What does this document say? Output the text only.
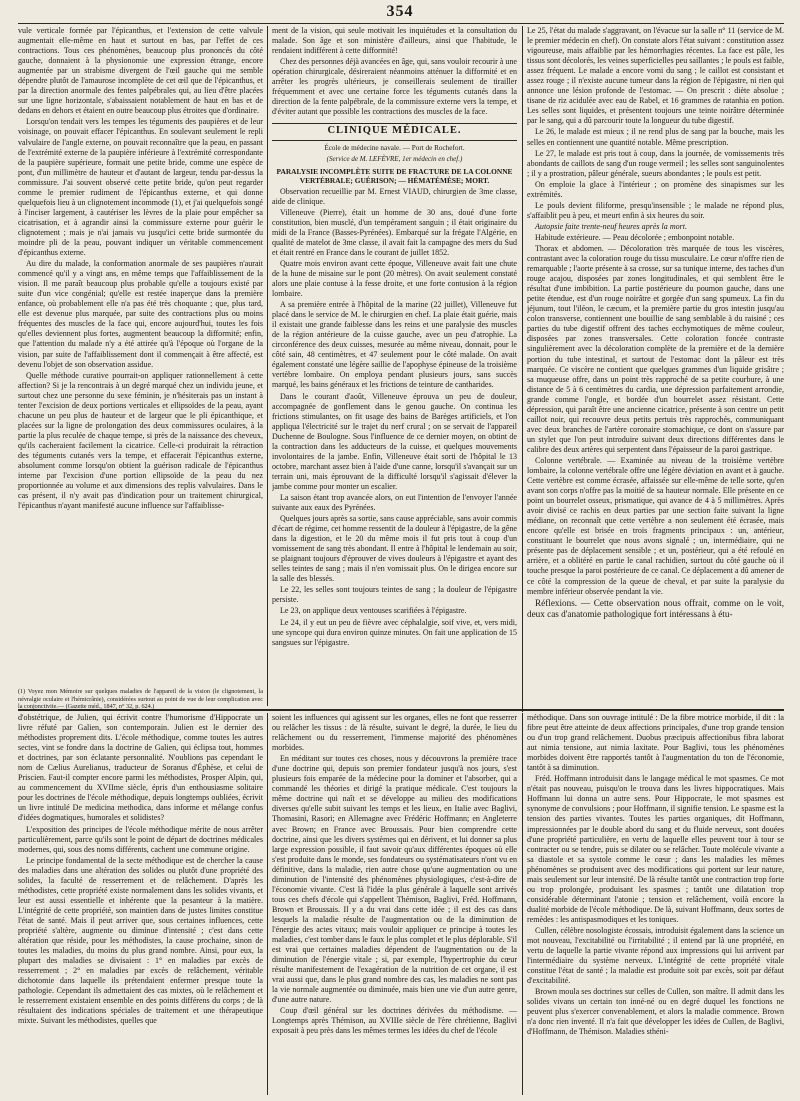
354

vule verticale formée par l'épicanthus, et l'extension de cette valvule augmentait elle-même en haut et surtout en bas, par l'effet de ces contractions. Tous ces phénomènes, beaucoup plus prononcés du côté gauche, donnaient à la physionomie une expression étrange, encore augmentée par un strabisme divergent de l'œil gauche qui me semble dépendre plutôt de l'amaurose incomplète de cet œil que de l'épicanthus, et par la direction anormale des fentes palpébrales qui, au lieu d'être placées sur une ligne horizontale, s'abaissaient notablement de haut en bas et de dedans en dehors et étaient en outre beaucoup plus étroites que d'ordinaire.

Lorsqu'on tendait vers les tempes les téguments des paupières et de leur voisinage, on pouvait effacer l'épicanthus. En soulevant seulement le repli valvulaire de l'angle externe, on pouvait reconnaître que la peau, en passant de l'extrémité externe de la paupière inférieure à l'extrémité correspondante de la paupière supérieure, formait une petite bride, comme une espèce de pont, d'un millimètre de hauteur et d'autant de largeur, tendu par-dessus la commissure. J'ai souvent observé cette petite bride, qu'on peut regarder comme le premier rudiment de l'épicanthus externe, et qui donne quelquefois lieu à un clignotement incommode (1), et j'ai quelquefois songé à l'inciser largement, à cautériser les lèvres de la plaie pour empêcher sa cicatrisation, et à agrandir ainsi la commissure externe pour guérir le clignotement ; mais je n'ai jamais vu jusqu'ici cette bride surmontée du moindre pli de la peau, pouvant indiquer un véritable commencement d'épicanthus externe.

Au dire du malade, la conformation anormale de ses paupières n'aurait commencé qu'il y a vingt ans, en même temps que l'affaiblissement de la vision. Il me paraît beaucoup plus probable qu'elle a toujours existé par suite d'un vice congénial; qu'elle est restée inaperçue dans la première enfance, où probablement elle n'a pas été très choquante ; que, plus tard, elle est devenue plus marquée, par suite des contractions plus ou moins fréquentes des muscles de la face qui, encore aujourd'hui, toutes les fois qu'elles deviennent plus fortes, augmentent beaucoup la difformité; enfin, que l'attention du malade n'y a été attirée qu'à l'époque où l'organe de la vision, par suite de l'affaiblissement dont il commençait à être affecté, est devenu l'objet de son observation assidue.

Quelle méthode curative pourrait-on appliquer rationnellement à cette affection? Si je la rencontrais à un degré marqué chez un individu jeune, et surtout chez une personne du sexe féminin, je n'hésiterais pas un instant à tenter l'excision de deux portions verticales et ellipsoïdes de la peau, ayant chacune un peu plus de hauteur et de largeur que le pli épicanthique, et placées sur la ligne de prolongation des deux commissures oculaires, à la partie la plus reculée de chaque tempe, si près de la naissance des cheveux, qu'ils cacheraient facilement la cicatrice. Celle-ci produirait la rétraction des téguments cutanés vers la tempe, et effacerait l'épicanthus externe, absolument comme lorsqu'on obtient la guérison radicale de l'épicanthus interne par l'excision d'une portion ellipsoïde de la peau du nez proportionnée au volume et aux dimensions des replis valvulaires. Dans le cas présent, il n'y avait pas d'indication pour un traitement chirurgical, l'épicanthus n'ayant manifesté aucune influence sur l'affaiblisse-

(1) Voyez mon Mémoire sur quelques maladies de l'appareil de la vision (le clignotement, la névralgie oculaire et l'hémicrânie), considérées surtout au point de vue de leur complication avec la conjonctivite.— (Gazette méd., 1847, n° 32, p. 624.)

ment de la vision, qui seule motivait les inquiétudes et la consultation du malade. Son âge et son ministère d'ailleurs, ainsi que l'habitude, le rendaient indifférent à cette difformité!

Chez des personnes déjà avancées en âge, qui, sans vouloir recourir à une opération chirurgicale, désireraient néanmoins atténuer la difformité et en arrêter les progrès ultérieurs, je conseillerais seulement de tirailler fréquemment et avec une certaine force les téguments cutanés dans la direction de la fente palpébrale, de la commissure externe vers la tempe, et d'éviter autant que possible les contractions des muscles de la face.

CLINIQUE MÉDICALE.
École de médecine navale. — Port de Rochefort.
(Service de M. LEFÈVRE, 1er médecin en chef.)
PARALYSIE INCOMPLÈTE SUITE DE FRACTURE DE LA COLONNE VERTÉBRALE; GUÉRISON; — HÉMATÉMÈSE; MORT.

Observation recueillie par M. Ernest VIAUD, chirurgien de 3me classe, aide de clinique.

Villeneuve (Pierre), était un homme de 30 ans, doué d'une forte constitution, bien musclé, d'un tempérament sanguin ; il était originaire du midi de la France (Basses-Pyrénées). Embarqué sur la frégate l'Algérie, en qualité de matelot de 3me classe, il avait fait la campagne des mers du Sud et était rentré en France dans le courant de juillet 1852.

Quatre mois environ avant cette époque, Villeneuve avait fait une chute de la hune de misaine sur le pont (20 mètres). On avait seulement constaté alors une plaie contuse à la fesse droite, et une forte contusion à la région lombaire.

A sa première entrée à l'hôpital de la marine (22 juillet), Villeneuve fut placé dans le service de M. le chirurgien en chef. La plaie était guérie, mais il existait une grande faiblesse dans les reins et une paralysie des muscles de la région antérieure de la cuisse gauche, avec un peu d'atrophie. La circonférence des deux cuisses, mesurée au même niveau, donnait, pour le côté sain, 48 centimètres, et 47 seulement pour le côté malade. On avait également constaté une légère saillie de l'apophyse épineuse de la troisième vertèbre lombaire. On employa pendant plusieurs jours, sans succès marqué, les bains généraux et les frictions de teinture de cantharides.

Dans le courant d'août, Villeneuve éprouva un peu de douleur, accompagnée de gonflement dans le genou gauche. On continua les frictions stimulantes, on fit usage des bains de Barèges artificiels, et l'on appliqua l'électricité sur le trajet du nerf crural ; on se servait de l'appareil Duchenne de Boulogne. Sous l'influence de ce dernier moyen, on obtint de la contraction dans les adducteurs de la cuisse, et quelques mouvements involontaires de la jambe. Enfin, Villeneuve était sorti de l'hôpital le 13 octobre, marchant assez bien à l'aide d'une canne, lorsqu'il s'avançait sur un terrain uni, mais éprouvant de la difficulté lorsqu'il s'agissait d'élever la jambe comme pour monter un escalier.

La saison étant trop avancée alors, on eut l'intention de l'envoyer l'année suivante aux eaux des Pyrénées.

Quelques jours après sa sortie, sans cause appréciable, sans avoir commis d'écart de régime, cet homme ressentit de la douleur à l'épigastre, de la gêne dans la digestion, et le 20 du même mois il fut pris tout à coup d'un vomissement de sang très abondant. Il entre à l'hôpital le lendemain au soir, se plaignant toujours d'éprouver de vives douleurs à l'épigastre et ayant des selles teintes de sang ; mais il n'en vomissait plus. On le dirigea encore sur la salle des blessés.

Le 22, les selles sont toujours teintes de sang ; la douleur de l'épigastre persiste.

Le 23, on applique deux ventouses scarifiées à l'épigastre.

Le 24, il y eut un peu de fièvre avec céphalalgie, soif vive, et, vers midi, une syncope qui dura environ quinze minutes. On fait une application de 15 sangsues sur l'épigastre.

Le 25, l'état du malade s'aggravant, on l'évacue sur la salle n° 11 (service de M. le premier médecin en chef). On constate alors l'état suivant : constitution assez vigoureuse, mais affaiblie par les hémorrhagies récentes. La face est pâle, les tissus sont décolorés, les veines superficielles peu saillantes ; le pouls est faible, assez fréquent. Le malade a encore vomi du sang ; le caillot est consistant et assez rouge ; il n'existe aucune tumeur dans la région de l'épigastre, ni rien qui annonce une lésion profonde de l'estomac. — On prescrit : diète absolue ; tisane de riz acidulée avec eau de Rabel, et 16 grammes de ratanhia en potion. Les selles sont liquides, et présentent toujours une teinte noirâtre déterminée par le sang, qui a dû parcourir toute la longueur du tube digestif.

Le 26, le malade est mieux ; il ne rend plus de sang par la bouche, mais les selles en contiennent une quantité notable. Même prescription.

Le 27, le malade est pris tout à coup, dans la journée, de vomissements très abondants de caillots de sang d'un rouge vermeil ; les selles sont sanguinolentes ; il y a prostration, pâleur générale, sueurs abondantes ; le pouls est petit.

On emploie la glace à l'intérieur ; on promène des sinapismes sur les extrémités.

Le pouls devient filiforme, presqu'insensible ; le malade ne répond plus, s'affaiblit peu à peu, et meurt enfin à six heures du soir.

Autopsie faite trente-neuf heures après la mort.

Habitude extérieure. — Peau décolorée ; embonpoint notable.

Thorax et abdomen. — Décoloration très marquée de tous les viscères, contrastant avec la coloration rouge du tissu musculaire. Le cœur n'offre rien de remarquable ; l'aorte présente à sa crosse, sur sa tunique interne, des taches d'un rouge acajou, disposées par zones longitudinales, et qui semblent être le résultat d'une imbibition. La partie postérieure du poumon gauche, dans une petite étendue, est d'un rouge noirâtre et gorgée d'un sang spumeux. La fin du jéjunum, tout l'iléon, le cæcum, et la première partie du gros intestin jusqu'au colon transverse, contiennent une bouillie de sang semblable à du raisiné ; ces parties du tube digestif offrent des taches ecchymotiques de même couleur, disposées par zones transversales. Cette coloration foncée contraste singulièrement avec la décoloration complète de la première et de la dernière portion du tube intestinal, et surtout de l'estomac dont la pâleur est très marquée. Ce viscère ne contient que quelques grammes d'un liquide grisâtre ; sa muqueuse offre, dans un point très rapproché de sa petite courbure, à une distance de 5 à 6 centimètres du cardia, une dépression parfaitement arrondie, grande comme l'ongle, et bordée d'un bourrelet assez résistant. Cette dépression, qui paraît être une ancienne cicatrice, présente à son centre un petit caillot noir, qui recouvre deux petits pertuis très rapprochés, communiquant avec deux branches de l'artère coronaire stomachique, ce dont on s'assure par un stylet que l'on peut introduire suivant deux directions différentes dans le calibre des deux artères qui serpentent dans l'épaisseur de la paroi gastrique.

Colonne vertébrale. — Examinée au niveau de la troisième vertèbre lombaire, la colonne vertébrale offre une légère déviation en avant et à gauche. Cette vertèbre est comme écrasée, affaissée sur elle-même de telle sorte, qu'en avant son corps n'offre pas la moitié de sa hauteur normale. Elle présente en ce point un bourrelet osseux, prismatique, qui avance de 4 à 5 millimètres. Après avoir divisé ce rachis en deux parties par une section faite suivant la ligne médiane, on reconnaît que cette vertèbre a non seulement été écrasée, mais encore qu'elle est brisée en trois fragments principaux : un, antérieur, constituant le bourrelet que nous avons signalé ; un, intermédiaire, qui ne présente pas de déplacement sensible ; et un, postérieur, qui a été refoulé en arrière, et a oblitéré en partie le canal rachidien, surtout du côté gauche où il touche presque la paroi postérieure de ce canal. Ce déplacement a dû amener de ce côté la compression de la queue de cheval, et par suite la paralysie du membre inférieur observée pendant la vie.

Réflexions. — Cette observation nous offrait, comme on le voit, deux cas d'anatomie pathologique fort intéressans à étu-

d'obstétrique, de Julien, qui écrivit contre l'humorisme d'Hippocrate un livre réfuté par Galien, son contemporain. Julien est le dernier des méthodistes proprement dits. L'école méthodique, comme toutes les autres sectes, vint se fondre dans la doctrine de Galien, qui éclipsa tout, hommes et doctrines, par son éclatante personnalité. N'oublions pas cependant le nom de Cælius Aurelianus, traducteur de Soranus d'Éphèse, et celui de Priscien. Faut-il compter encore parmi les méthodistes, Prosper Alpin, qui, au commencement du XVIIme siècle, épris d'un enthousiasme solitaire pour les doctrines de l'école méthodique, depuis longtemps oubliées, écrivit un livre intitulé De medicina methodica, dans informe et mélange confus d'idées dogmatiques, humorales et solidistes?

L'exposition des principes de l'école méthodique mérite de nous arrêter particulièrement, parce qu'ils sont le point de départ de doctrines médicales modernes, qui, sous des noms différents, cachent une commune origine.

Le principe fondamental de la secte méthodique est de chercher la cause des maladies dans une altération des solides ou plutôt d'une propriété des solides, la faculté de resserrement et de relâchement. D'après les méthodistes, cette propriété existe normalement dans les solides vivants, et leur est aussi essentielle et inhérente que la pesanteur à la matière. L'intégrité de cette propriété, son maintien dans de justes limites constitue l'état de santé. Mais il peut arriver que, sous certaines influences, cette propriété s'altère, augmente ou diminue d'intensité ; c'est dans cette altération que réside, pour les méthodistes, la cause prochaine, sinon de toutes les maladies, du moins du plus grand nombre. Ainsi, pour eux, la plupart des maladies se divisaient : 1° en maladies par excès de resserrement ; 2° en maladies par excès de relâchement, véritable dichotomie dans laquelle ils prétendaient enfermer presque toute la pathologie. Cependant ils admettaient des cas mixtes, où le relâchement et le resserrement existaient ensemble en des points différens du corps ; de là résultaient des indications spéciales de traitement et une thérapeutique mixte. Suivant les méthodistes, quelles que

soient les influences qui agissent sur les organes, elles ne font que resserrer ou relâcher les tissus : de là résulte, suivant le degré, la durée, le lieu du relâchement ou du resserrement, l'immense majorité des phénomènes morbides.

En méditant sur toutes ces choses, nous y découvrons la première trace d'une doctrine qui, depuis son premier fondateur jusqu'à nos jours, s'est plusieurs fois emparée de la médecine pour la dominer et l'absorber, qui a commandé les théories et dirigé la pratique médicale. C'est toujours la même doctrine qui naît et se développe au milieu des modifications diverses qu'elle subit suivant les temps et les lieux, en Italie avec Baglivi, Thomasini, Rasori; en Allemagne avec Frédéric Hoffmann; en Angleterre avec Brown; en France avec Broussais. Pour bien comprendre cette doctrine, ainsi que les divers systèmes qui en dérivent, et lui donner sa plus large expression possible, il faut savoir qu'aux différentes époques où elle s'est produite dans le monde, ses fondateurs ou systématisateurs n'ont vu en définitive, dans la maladie, rien autre chose qu'une augmentation ou une diminution de l'intensité des phénomènes physiologiques, c'est-à-dire de l'économie vivante. C'est là l'idée la plus générale à laquelle sont arrivés tous ces chefs d'école qui s'appellent Thémison, Baglivi, Fréd. Hoffmann, Brown et Broussais. Il y a du vrai dans cette idée ; il est des cas dans lesquels la maladie résulte de l'augmentation ou de la diminution de l'énergie des actes vitaux; mais vouloir appliquer ce principe à toutes les maladies, c'est tomber dans le faux le plus complet et le plus déplorable. S'il est vrai que certaines maladies dépendent de l'augmentation ou de la diminution de l'énergie vitale ; si, par exemple, l'hypertrophie du cœur résulte manifestement de l'exagération de la nutrition de cet organe, il est vrai aussi que, dans le plus grand nombre des cas, les maladies ne sont pas la vie normale augmentée ou diminuée, mais bien une vie d'un autre genre, d'une autre nature.

Coup d'œil général sur les doctrines dérivées du méthodisme. — Longtemps après Thémison, au XVIIIe siècle de l'ère chrétienne, Baglivi exposait à peu près dans les mêmes termes les idées du chef de l'école

méthodique. Dans son ouvrage intitulé : De la fibre motrice morbide, il dit : la fibre peut être atteinte de deux affections principales, d'une trop grande tension ou d'un trop grand relâchement. Duobus præcipuis affectionibus fibra laborat aut nimia tensione, aut nimia laxitate. Pour Baglivi, tous les phénomènes morbides doivent être rapportés tantôt à l'augmentation du ton de l'économie, tantôt à sa diminution.

Fréd. Hoffmann introduisit dans le langage médical le mot spasmes. Ce mot n'était pas nouveau, puisqu'on le trouva dans les livres hippocratiques. Mais Hoffmann lui donna un autre sens. Pour Hippocrate, le mot spasmes est synonyme de convulsions ; pour Hoffmann, il signifie tension. Le spasme est la tension des parties vivantes. Toutes les parties organiques, dit Hoffmann, impressionnées par le double abord du sang et du fluide nerveux, sont douées d'une propriété particulière, en vertu de laquelle elles peuvent tour à tour se contracter ou se tendre, puis se dilater ou se relâcher. Toute molécule vivante a sa diastole et sa systole comme le cœur ; dans les maladies les mêmes phénomènes se produisent avec des modifications qui portent sur leur nature, mais seulement sur leur intensité. De là résulte tantôt une contraction trop forte ou trop prolongée, produisant les spasmes ; tantôt une dilatation trop considérable déterminant l'atonie ; tension et relâchement, voilà encore la dualité morbide de l'école méthodique. De là, suivant Hoffmann, deux sortes de remèdes : les antispasmodiques et les toniques.

Cullen, célèbre nosologiste écossais, introduisit également dans la science un mot nouveau, l'excitabilité ou l'irritabilité ; il entend par là une propriété, en vertu de laquelle la partie vivante répond aux impressions qui lui arrivent par l'intermédiaire du système nerveux. L'intégrité de cette propriété vitale constitue l'état de santé ; la maladie est produite soit par excès, soit par défaut d'excitabilité.

Brown moula ses doctrines sur celles de Cullen, son maître. Il admit dans les solides vivans un certain ton inné-né ou en degré duquel les fonctions ne peuvent plus s'exercer convenablement, et alors la maladie commence. Brown n'a donc rien inventé. Il n'a fait que développer les idées de Cullen, de Baglivi, d'Hoffmann, de Thémison. Maladies sthéni-
